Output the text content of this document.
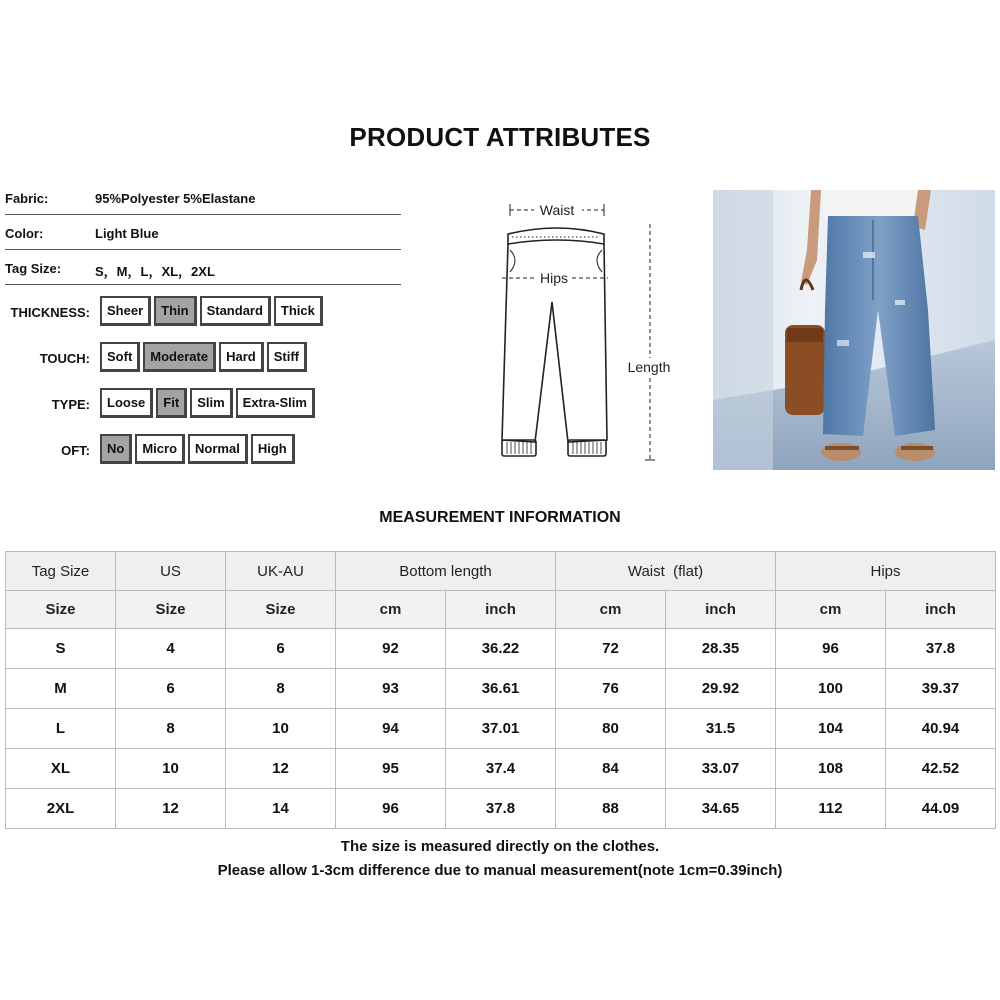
PRODUCT ATTRIBUTES
Fabric:	95%Polyester 5%Elastane
Color:	Light Blue
Tag Size:	S，M，L，XL，2XL
THICKNESS:	Sheer	Thin	Standard	Thick
TOUCH:	Soft	Moderate	Hard	Stiff
TYPE:	Loose	Fit	Slim	Extra-Slim
OFT:	No	Micro	Normal	High
Waist
Hips
Length
MEASUREMENT INFORMATION
Tag Size	US	UK-AU	Bottom length		Waist  (flat)		Hips	
Size	Size	Size	cm	inch	cm	inch	cm	inch
S	4	6	92	36.22	72	28.35	96	37.8
M	6	8	93	36.61	76	29.92	100	39.37
L	8	10	94	37.01	80	31.5	104	40.94
XL	10	12	95	37.4	84	33.07	108	42.52
2XL	12	14	96	37.8	88	34.65	112	44.09
The size is measured directly on the clothes.
Please allow 1-3cm difference due to manual measurement(note 1cm=0.39inch)
